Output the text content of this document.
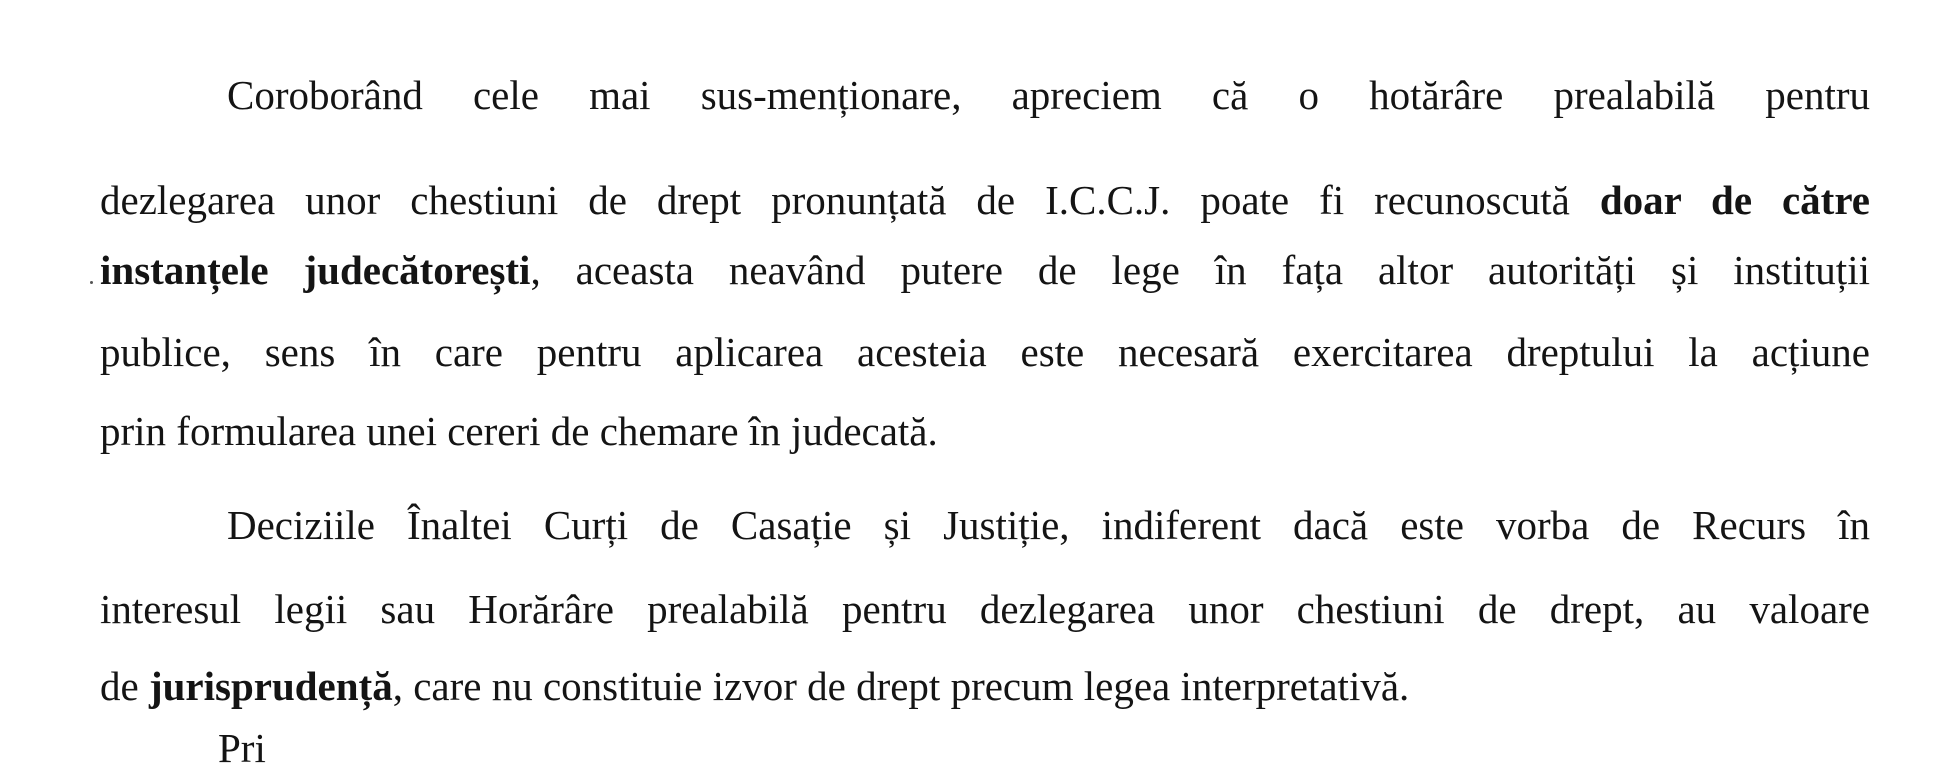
Coroborând cele mai sus-menționare, apreciem că o hotărâre prealabilă pentru
dezlegarea unor chestiuni de drept pronunțată de I.C.C.J. poate fi recunoscută doar de către
instanțele judecătorești, aceasta neavând putere de lege în fața altor autorități și instituții
publice, sens în care pentru aplicarea acesteia este necesară exercitarea dreptului la acțiune
prin formularea unei cereri de chemare în judecată.
Deciziile Înaltei Curți de Casație și Justiție, indiferent dacă este vorba de Recurs în
interesul legii sau Horărâre prealabilă pentru dezlegarea unor chestiuni de drept, au valoare
de jurisprudență, care nu constituie izvor de drept precum legea interpretativă.
Pri
